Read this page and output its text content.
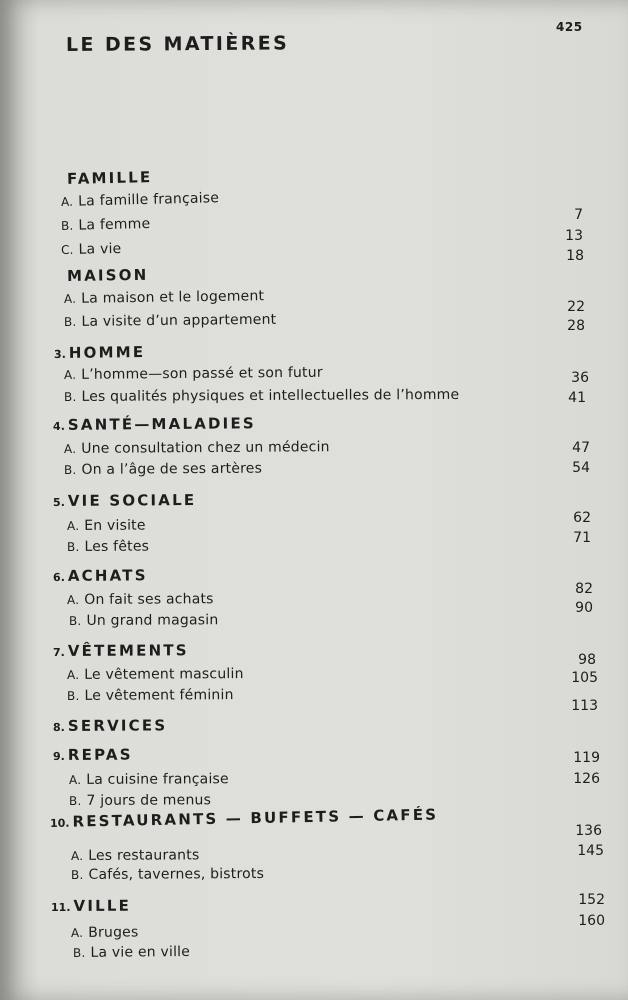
425
LE DES MATIÈRES
FAMILLE
MAISON
3. HOMME
4. SANTÉ—MALADIES
5. VIE SOCIALE
6. ACHATS
7. VÊTEMENTS
8. SERVICES
9. REPAS
10. RESTAURANTS — BUFFETS — CAFÉS
11. VILLE
A. La famille française
B. La femme
C. La vie
A. La maison et le logement
B. La visite d’un appartement
A. L’homme—son passé et son futur
B. Les qualités physiques et intellectuelles de l’homme
A. Une consultation chez un médecin
B. On a l’âge de ses artères
A. En visite
B. Les fêtes
A. On fait ses achats
B. Un grand magasin
A. Le vêtement masculin
B. Le vêtement féminin
A. La cuisine française
B. 7 jours de menus
A. Les restaurants
B. Cafés, tavernes, bistrots
A. Bruges
B. La vie en ville
7
13
18
22
28
36
41
47
54
62
71
82
90
98
105
113
119
126
136
145
152
160
